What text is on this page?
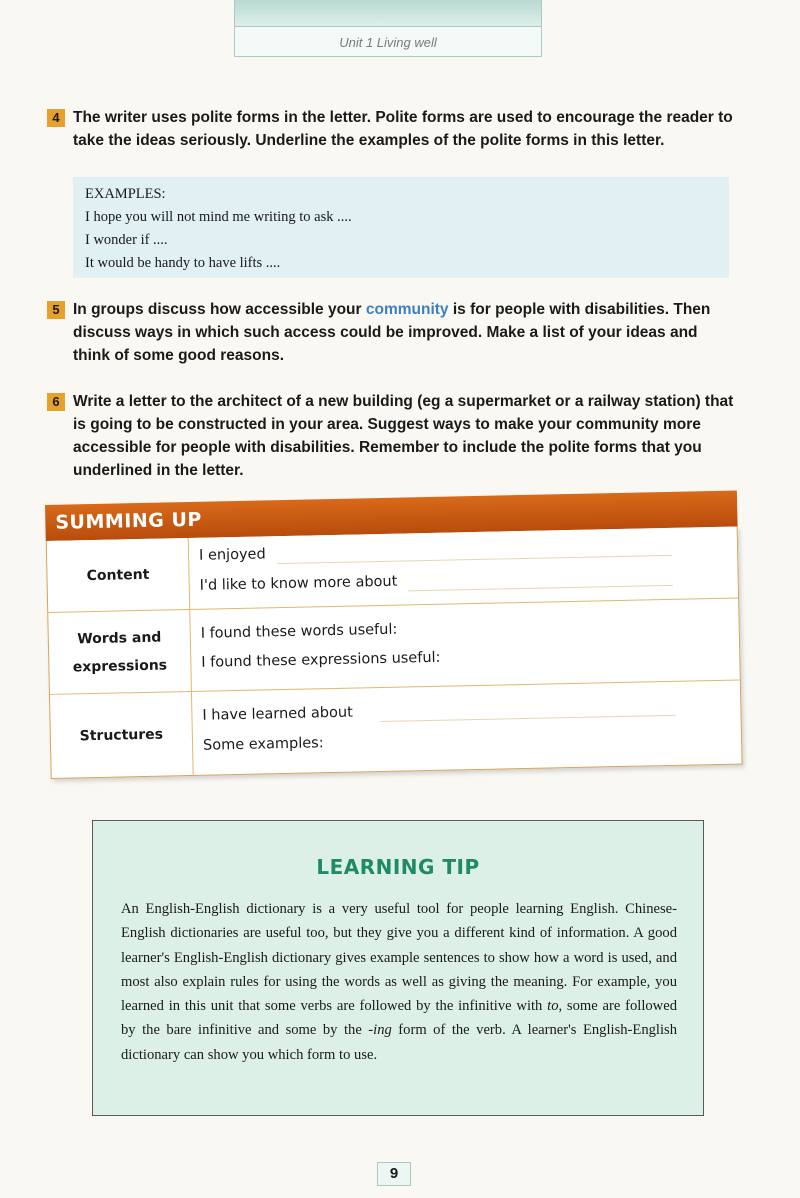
Unit 1 Living well
4 The writer uses polite forms in the letter. Polite forms are used to encourage the reader to take the ideas seriously. Underline the examples of the polite forms in this letter.
EXAMPLES:
I hope you will not mind me writing to ask ....
I wonder if ....
It would be handy to have lifts ....
5 In groups discuss how accessible your community is for people with disabilities. Then discuss ways in which such access could be improved. Make a list of your ideas and think of some good reasons.
6 Write a letter to the architect of a new building (eg a supermarket or a railway station) that is going to be constructed in your area. Suggest ways to make your community more accessible for people with disabilities. Remember to include the polite forms that you underlined in the letter.
SUMMING UP
Content
I enjoyed
I'd like to know more about
Words and
expressions
I found these words useful:
I found these expressions useful:
Structures
I have learned about
Some examples:
LEARNING TIP
An English-English dictionary is a very useful tool for people learning English. Chinese-English dictionaries are useful too, but they give you a different kind of information. A good learner's English-English dictionary gives example sentences to show how a word is used, and most also explain rules for using the words as well as giving the meaning. For example, you learned in this unit that some verbs are followed by the infinitive with to, some are followed by the bare infinitive and some by the -ing form of the verb. A learner's English-English dictionary can show you which form to use.
9
